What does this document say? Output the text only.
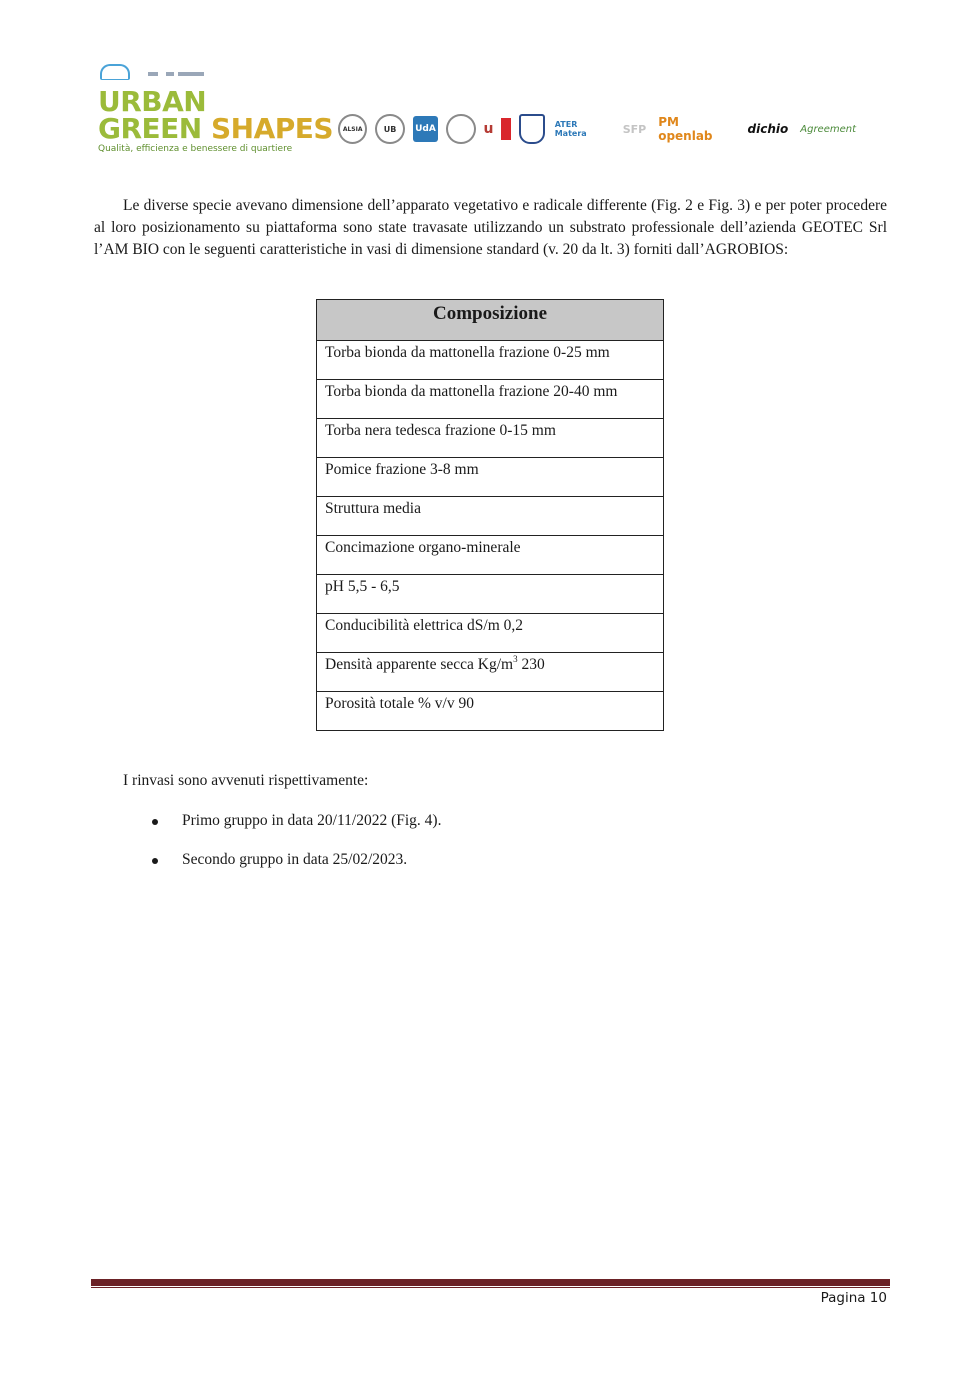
URBAN
GREEN SHAPES
Qualità, efficienza e benessere di quartiere
ALSIA	UB	UdA	u	ATER Matera	SFP PM openlab	dichio Agreement

Le diverse specie avevano dimensione dell’apparato vegetativo e radicale differente (Fig. 2 e Fig. 3) e per poter procedere al loro posizionamento su piattaforma sono state travasate utilizzando un substrato professionale dell’azienda GEOTEC Srl l’AM BIO con le seguenti caratteristiche in vasi di dimensione standard (v. 20 da lt. 3) forniti dall’AGROBIOS:

Composizione
Torba bionda da mattonella frazione 0-25 mm
Torba bionda da mattonella frazione 20-40 mm
Torba nera tedesca frazione 0-15 mm
Pomice frazione 3-8 mm
Struttura media
Concimazione organo-minerale
pH 5,5 - 6,5
Conducibilità elettrica dS/m 0,2
Densità apparente secca $Kg/m^3$ 230
Porosità totale % v/v 90
I rinvasi sono avvenuti rispettivamente:
Primo gruppo in data 20/11/2022 (Fig. 4).
Secondo gruppo in data 25/02/2023.
Pagina 10
